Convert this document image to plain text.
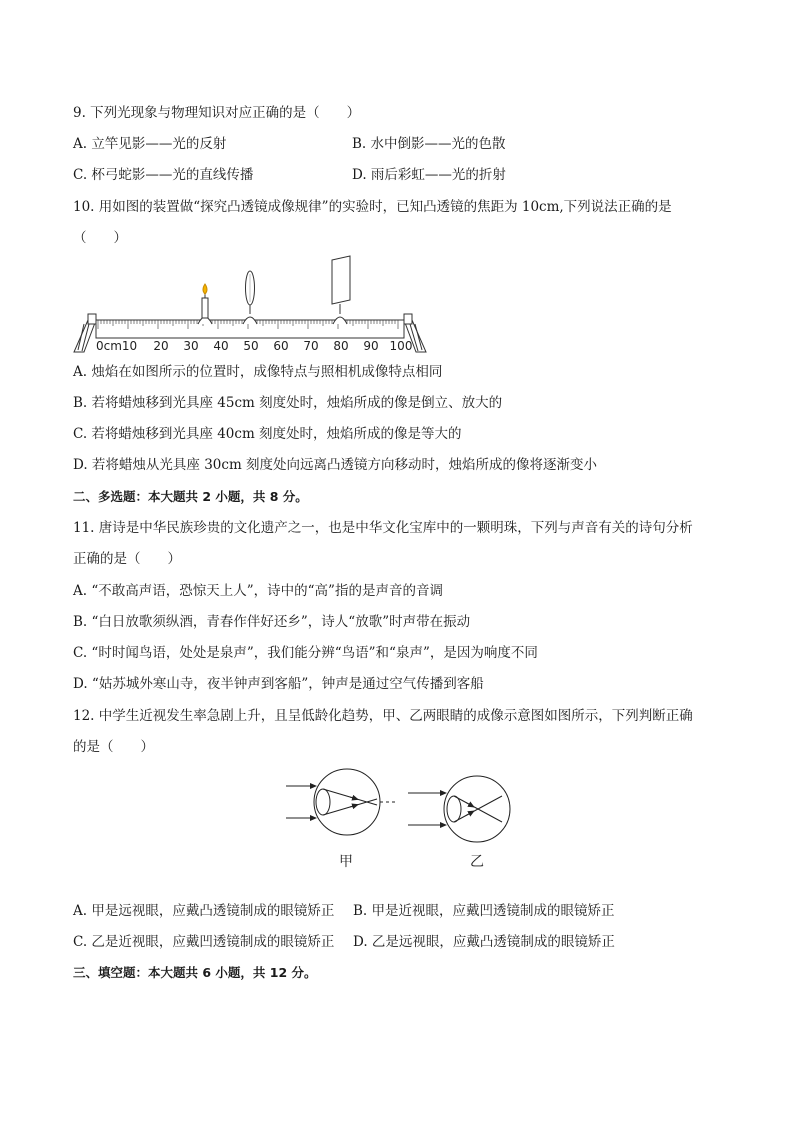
9. 下列光现象与物理知识对应正确的是（　　）
A. 立竿见影——光的反射	B. 水中倒影——光的色散
C. 杯弓蛇影——光的直线传播	D. 雨后彩虹——光的折射
10. 用如图的装置做“探究凸透镜成像规律”的实验时，已知凸透镜的焦距为 10cm,下列说法正确的是
（　　）
0cm10 20 30 40 50 60 70 80 90 100
A. 烛焰在如图所示的位置时，成像特点与照相机成像特点相同
B. 若将蜡烛移到光具座 45cm 刻度处时，烛焰所成的像是倒立、放大的
C. 若将蜡烛移到光具座 40cm 刻度处时，烛焰所成的像是等大的
D. 若将蜡烛从光具座 30cm 刻度处向远离凸透镜方向移动时，烛焰所成的像将逐渐变小
二、多选题：本大题共 2 小题，共 8 分。
11. 唐诗是中华民族珍贵的文化遗产之一，也是中华文化宝库中的一颗明珠，下列与声音有关的诗句分析
正确的是（　　）
A. “不敢高声语，恐惊天上人”，诗中的“高”指的是声音的音调
B. “白日放歌须纵酒，青春作伴好还乡”，诗人“放歌”时声带在振动
C. “时时闻鸟语，处处是泉声”，我们能分辨“鸟语”和“泉声”，是因为响度不同
D. “姑苏城外寒山寺，夜半钟声到客船”，钟声是通过空气传播到客船
12. 中学生近视发生率急剧上升，且呈低龄化趋势，甲、乙两眼睛的成像示意图如图所示，下列判断正确
的是（　　）
甲	乙
A. 甲是远视眼，应戴凸透镜制成的眼镜矫正 B. 甲是近视眼，应戴凹透镜制成的眼镜矫正
C. 乙是近视眼，应戴凹透镜制成的眼镜矫正 D. 乙是远视眼，应戴凸透镜制成的眼镜矫正
三、填空题：本大题共 6 小题，共 12 分。
